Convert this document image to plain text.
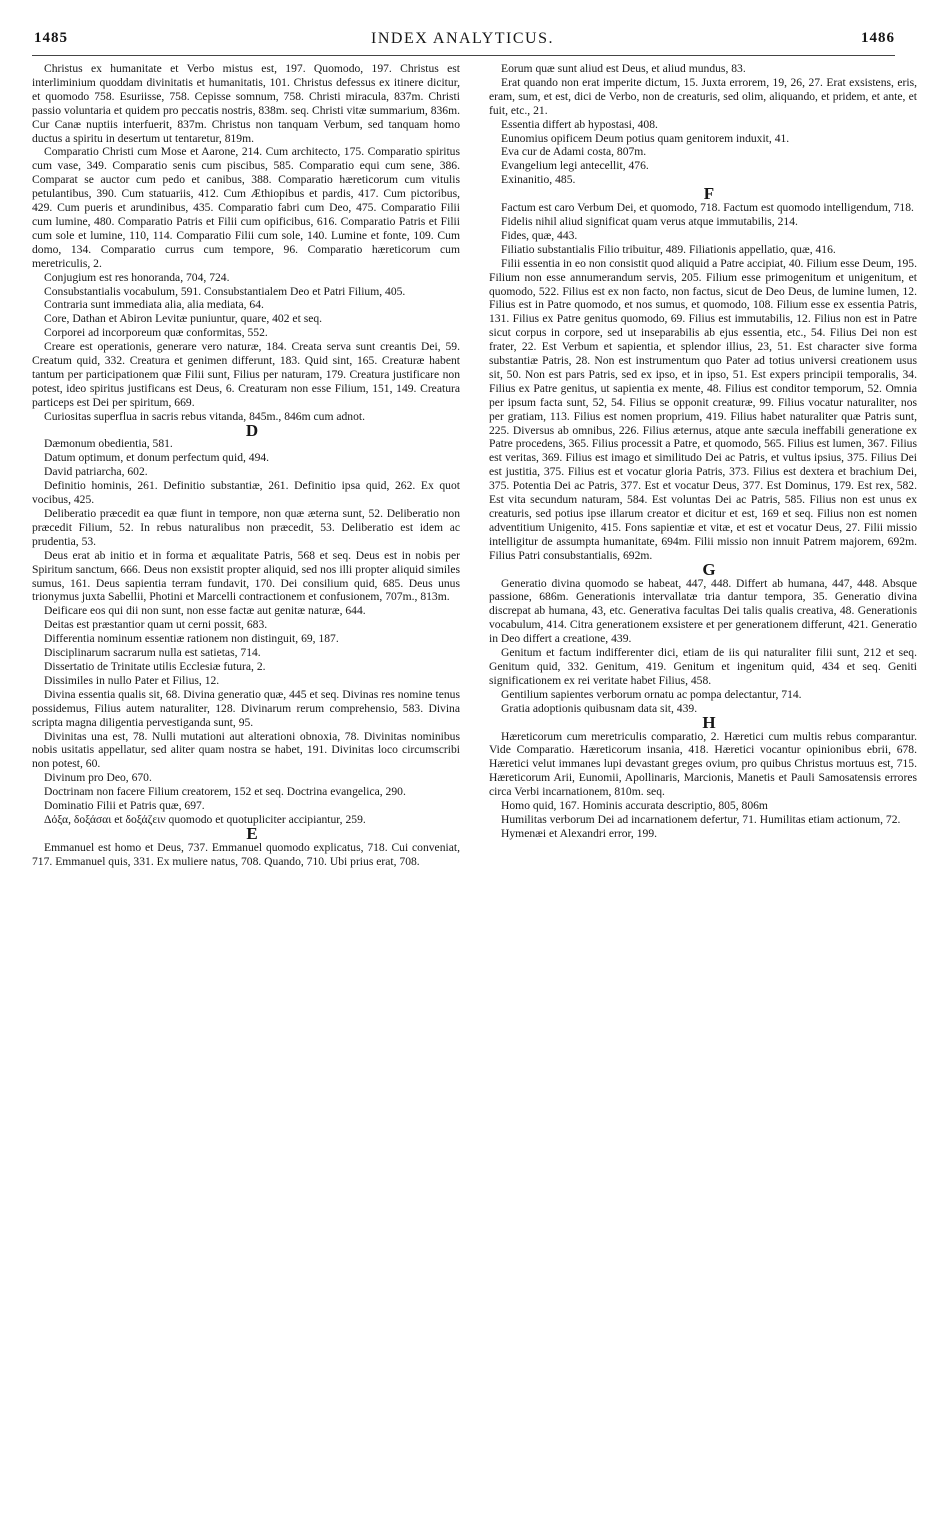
1485	INDEX ANALYTICUS.	1486

Christus ex humanitate et Verbo mistus est, 197. Quomodo, 197. Christus est interliminium quoddam divinitatis et humanitatis, 101. Christus defessus ex itinere dicitur, et quomodo 758. Esuriisse, 758. Cepisse somnum, 758. Christi miracula, 837m. Christi passio voluntaria et quidem pro peccatis nostris, 838m. seq. Christi vitæ summarium, 836m. Cur Canæ nuptiis interfuerit, 837m. Christus non tanquam Verbum, sed tanquam homo ductus a spiritu in desertum ut tentaretur, 819m.

Comparatio Christi cum Mose et Aarone, 214. Cum architecto, 175. Comparatio spiritus cum vase, 349. Comparatio senis cum piscibus, 585. Comparatio equi cum sene, 386. Comparat se auctor cum pedo et canibus, 388. Comparatio hæreticorum cum vitulis petulantibus, 390. Cum statuariis, 412. Cum Æthiopibus et pardis, 417. Cum pictoribus, 429. Cum pueris et arundinibus, 435. Comparatio fabri cum Deo, 475. Comparatio Filii cum lumine, 480. Comparatio Patris et Filii cum opificibus, 616. Comparatio Patris et Filii cum sole et lumine, 110, 114. Comparatio Filii cum sole, 140. Lumine et fonte, 109. Cum domo, 134. Comparatio currus cum tempore, 96. Comparatio hæreticorum cum meretriculis, 2.

Conjugium est res honoranda, 704, 724.

Consubstantialis vocabulum, 591. Consubstantialem Deo et Patri Filium, 405.

Contraria sunt immediata alia, alia mediata, 64.

Core, Dathan et Abiron Levitæ puniuntur, quare, 402 et seq.

Corporei ad incorporeum quæ conformitas, 552.

Creare est operationis, generare vero naturæ, 184. Creata serva sunt creantis Dei, 59. Creatum quid, 332. Creatura et genimen differunt, 183. Quid sint, 165. Creaturæ habent tantum per participationem quæ Filii sunt, Filius per naturam, 179. Creatura justificare non potest, ideo spiritus justificans est Deus, 6. Creaturam non esse Filium, 151, 149. Creatura particeps est Dei per spiritum, 669.

Curiositas superflua in sacris rebus vitanda, 845m., 846m cum adnot.

D

Dæmonum obedientia, 581.

Datum optimum, et donum perfectum quid, 494.

David patriarcha, 602.

Definitio hominis, 261. Definitio substantiæ, 261. Definitio ipsa quid, 262. Ex quot vocibus, 425.

Deliberatio præcedit ea quæ fiunt in tempore, non quæ æterna sunt, 52. Deliberatio non præcedit Filium, 52. In rebus naturalibus non præcedit, 53. Deliberatio est idem ac prudentia, 53.

Deus erat ab initio et in forma et æqualitate Patris, 568 et seq. Deus est in nobis per Spiritum sanctum, 666. Deus non exsistit propter aliquid, sed nos illi propter aliquid similes sumus, 161. Deus sapientia terram fundavit, 170. Dei consilium quid, 685. Deus unus trionymus juxta Sabellii, Photini et Marcelli contractionem et confusionem, 707m., 813m.

Deificare eos qui dii non sunt, non esse factæ aut genitæ naturæ, 644.

Deitas est præstantior quam ut cerni possit, 683.

Differentia nominum essentiæ rationem non distinguit, 69, 187.

Disciplinarum sacrarum nulla est satietas, 714.

Dissertatio de Trinitate utilis Ecclesiæ futura, 2.

Dissimiles in nullo Pater et Filius, 12.

Divina essentia qualis sit, 68. Divina generatio quæ, 445 et seq. Divinas res nomine tenus possidemus, Filius autem naturaliter, 128. Divinarum rerum comprehensio, 583. Divina scripta magna diligentia pervestiganda sunt, 95.

Divinitas una est, 78. Nulli mutationi aut alterationi obnoxia, 78. Divinitas nominibus nobis usitatis appellatur, sed aliter quam nostra se habet, 191. Divinitas loco circumscribi non potest, 60.

Divinum pro Deo, 670.

Doctrinam non facere Filium creatorem, 152 et seq. Doctrina evangelica, 290.

Dominatio Filii et Patris quæ, 697.

Δόξα, δοξάσαι et δοξάζειν quomodo et quotupliciter accipiantur, 259.

E

Emmanuel est homo et Deus, 737. Emmanuel quomodo explicatus, 718. Cui conveniat, 717. Emmanuel quis, 331. Ex muliere natus, 708. Quando, 710. Ubi prius erat, 708.

Eorum quæ sunt aliud est Deus, et aliud mundus, 83.

Erat quando non erat imperite dictum, 15. Juxta errorem, 19, 26, 27. Erat exsistens, eris, eram, sum, et est, dici de Verbo, non de creaturis, sed olim, aliquando, et pridem, et ante, et fuit, etc., 21.

Essentia differt ab hypostasi, 408.

Eunomius opificem Deum potius quam genitorem induxit, 41.

Eva cur de Adami costa, 807m.

Evangelium legi antecellit, 476.

Exinanitio, 485.

F

Factum est caro Verbum Dei, et quomodo, 718. Factum est quomodo intelligendum, 718.

Fidelis nihil aliud significat quam verus atque immutabilis, 214.

Fides, quæ, 443.

Filiatio substantialis Filio tribuitur, 489. Filiationis appellatio, quæ, 416.

Filii essentia in eo non consistit quod aliquid a Patre accipiat, 40. Filium esse Deum, 195. Filium non esse annumerandum servis, 205. Filium esse primogenitum et unigenitum, et quomodo, 522. Filius est ex non facto, non factus, sicut de Deo Deus, de lumine lumen, 12. Filius est in Patre quomodo, et nos sumus, et quomodo, 108. Filium esse ex essentia Patris, 131. Filius ex Patre genitus quomodo, 69. Filius est immutabilis, 12. Filius non est in Patre sicut corpus in corpore, sed ut inseparabilis ab ejus essentia, etc., 54. Filius Dei non est frater, 22. Est Verbum et sapientia, et splendor illius, 23, 51. Est character sive forma substantiæ Patris, 28. Non est instrumentum quo Pater ad totius universi creationem usus sit, 50. Non est pars Patris, sed ex ipso, et in ipso, 51. Est expers principii temporalis, 34. Filius ex Patre genitus, ut sapientia ex mente, 48. Filius est conditor temporum, 52. Omnia per ipsum facta sunt, 52, 54. Filius se opponit creaturæ, 99. Filius vocatur naturaliter, nos per gratiam, 113. Filius est nomen proprium, 419. Filius habet naturaliter quæ Patris sunt, 225. Diversus ab omnibus, 226. Filius æternus, atque ante sæcula ineffabili generatione ex Patre procedens, 365. Filius processit a Patre, et quomodo, 565. Filius est lumen, 367. Filius est veritas, 369. Filius est imago et similitudo Dei ac Patris, et vultus ipsius, 375. Filius Dei est justitia, 375. Filius est et vocatur gloria Patris, 373. Filius est dextera et brachium Dei, 375. Potentia Dei ac Patris, 377. Est et vocatur Deus, 377. Est Dominus, 179. Est rex, 582. Est vita secundum naturam, 584. Est voluntas Dei ac Patris, 585. Filius non est unus ex creaturis, sed potius ipse illarum creator et dicitur et est, 169 et seq. Filius non est nomen adventitium Unigenito, 415. Fons sapientiæ et vitæ, et est et vocatur Deus, 27. Filii missio intelligitur de assumpta humanitate, 694m. Filii missio non innuit Patrem majorem, 692m. Filius Patri consubstantialis, 692m.

G

Generatio divina quomodo se habeat, 447, 448. Differt ab humana, 447, 448. Absque passione, 686m. Generationis intervallatæ tria dantur tempora, 35. Generatio divina discrepat ab humana, 43, etc. Generativa facultas Dei talis qualis creativa, 48. Generationis vocabulum, 414. Citra generationem exsistere et per generationem differunt, 421. Generatio in Deo differt a creatione, 439.

Genitum et factum indifferenter dici, etiam de iis qui naturaliter filii sunt, 212 et seq. Genitum quid, 332. Genitum, 419. Genitum et ingenitum quid, 434 et seq. Geniti significationem ex rei veritate habet Filius, 458.

Gentilium sapientes verborum ornatu ac pompa delectantur, 714.

Gratia adoptionis quibusnam data sit, 439.

H

Hæreticorum cum meretriculis comparatio, 2. Hæretici cum multis rebus comparantur. Vide Comparatio. Hæreticorum insania, 418. Hæretici vocantur opinionibus ebrii, 678. Hæretici velut immanes lupi devastant greges ovium, pro quibus Christus mortuus est, 715. Hæreticorum Arii, Eunomii, Apollinaris, Marcionis, Manetis et Pauli Samosatensis errores circa Verbi incarnationem, 810m. seq.

Homo quid, 167. Hominis accurata descriptio, 805, 806m

Humilitas verborum Dei ad incarnationem defertur, 71. Humilitas etiam actionum, 72.

Hymenæi et Alexandri error, 199.
